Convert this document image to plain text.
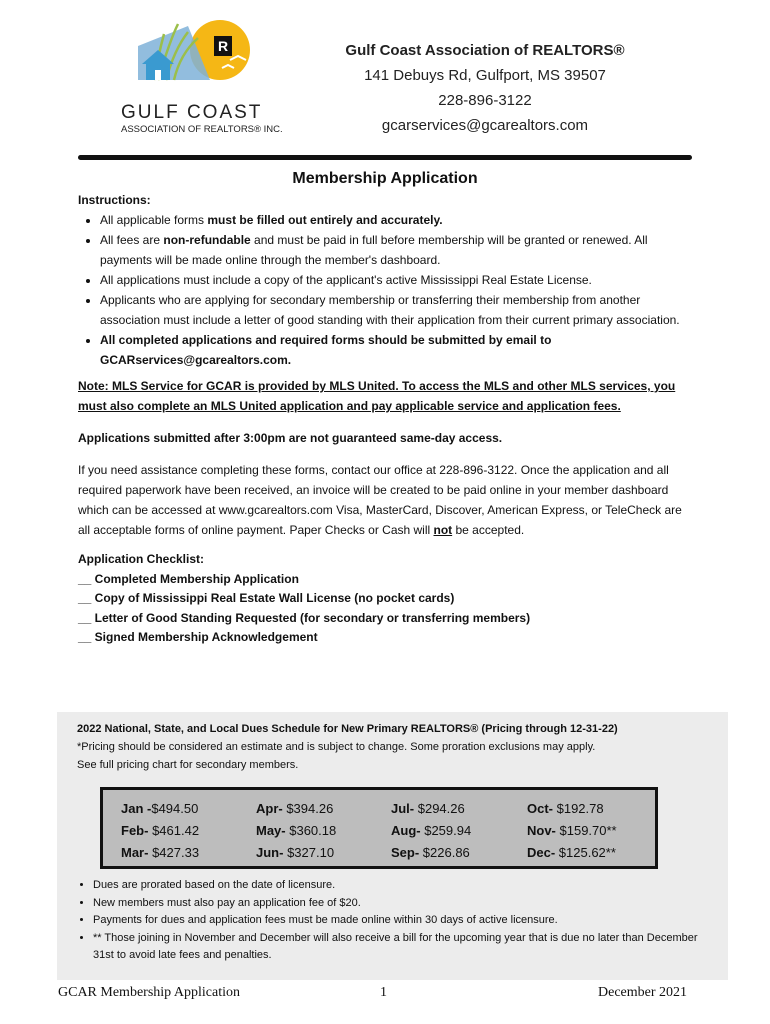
R
GULF COAST
ASSOCIATION OF REALTORS® INC.
Gulf Coast Association of REALTORS®
141 Debuys Rd, Gulfport, MS 39507
228-896-3122
gcarservices@gcarealtors.com
Membership Application
Instructions:
• All applicable forms must be filled out entirely and accurately.
• All fees are non-refundable and must be paid in full before membership will be granted or renewed. All payments will be made online through the member's dashboard.
• All applications must include a copy of the applicant's active Mississippi Real Estate License.
• Applicants who are applying for secondary membership or transferring their membership from another association must include a letter of good standing with their application from their current primary association.
• All completed applications and required forms should be submitted by email to GCARservices@gcarealtors.com.
Note: MLS Service for GCAR is provided by MLS United. To access the MLS and other MLS services, you must also complete an MLS United application and pay applicable service and application fees.
Applications submitted after 3:00pm are not guaranteed same-day access.
If you need assistance completing these forms, contact our office at 228-896-3122. Once the application and all required paperwork have been received, an invoice will be created to be paid online in your member dashboard which can be accessed at www.gcarealtors.com Visa, MasterCard, Discover, American Express, or TeleCheck are all acceptable forms of online payment. Paper Checks or Cash will not be accepted.
Application Checklist:
__ Completed Membership Application
__ Copy of Mississippi Real Estate Wall License (no pocket cards)
__ Letter of Good Standing Requested (for secondary or transferring members)
__ Signed Membership Acknowledgement
2022 National, State, and Local Dues Schedule for New Primary REALTORS® (Pricing through 12-31-22)
*Pricing should be considered an estimate and is subject to change. Some proration exclusions may apply.
See full pricing chart for secondary members.
Jan -$494.50
Feb- $461.42
Mar- $427.33
Apr- $394.26
May- $360.18
Jun- $327.10
Jul- $294.26
Aug- $259.94
Sep- $226.86
Oct- $192.78
Nov- $159.70**
Dec- $125.62**
• Dues are prorated based on the date of licensure.
• New members must also pay an application fee of $20.
• Payments for dues and application fees must be made online within 30 days of active licensure.
• ** Those joining in November and December will also receive a bill for the upcoming year that is due no later than December 31st to avoid late fees and penalties.
GCAR Membership Application	1	December 2021
